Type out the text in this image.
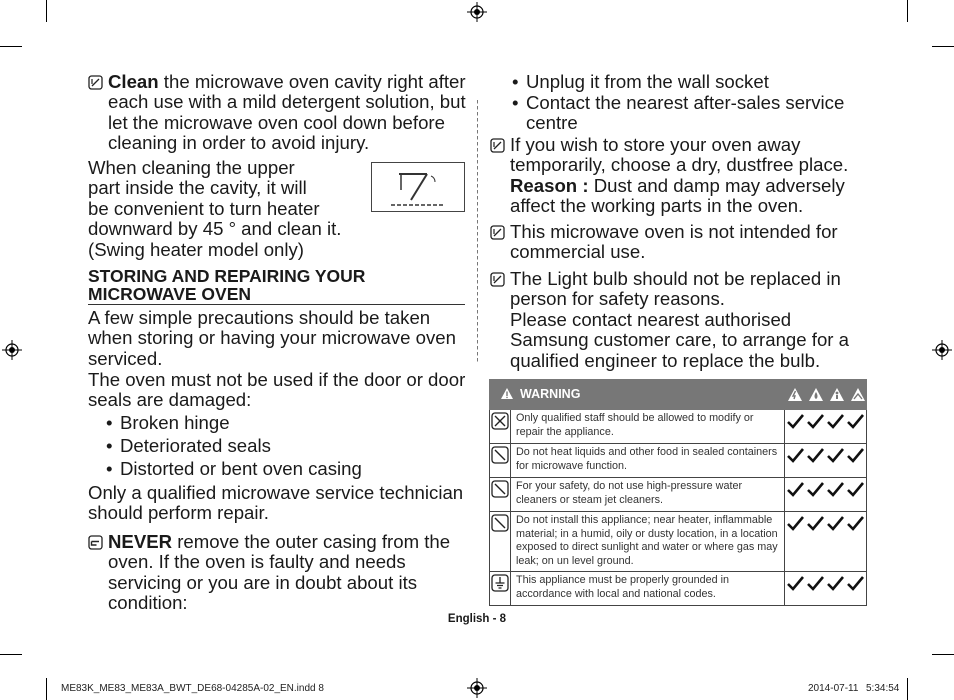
Clean the microwave oven cavity right after each use with a mild detergent solution, but let the microwave oven cool down before cleaning in order to avoid injury.
When cleaning the upper
part inside the cavity, it will
be convenient to turn heater
downward by 45 ° and clean it.
(Swing heater model only)
STORING AND REPAIRING YOUR
MICROWAVE OVEN
A few simple precautions should be taken when storing or having your microwave oven serviced.
The oven must not be used if the door or door seals are damaged:
• Broken hinge
• Deteriorated seals
• Distorted or bent oven casing
Only a qualified microwave service technician should perform repair.
NEVER remove the outer casing from the oven. If the oven is faulty and needs servicing or you are in doubt about its condition:
• Unplug it from the wall socket
• Contact the nearest after-sales service centre
If you wish to store your oven away temporarily, choose a dry, dustfree place.
Reason : Dust and damp may adversely affect the working parts in the oven.
This microwave oven is not intended for commercial use.
The Light bulb should not be replaced in person for safety reasons.
Please contact nearest authorised Samsung customer care, to arrange for a qualified engineer to replace the bulb.
WARNING	

	Only qualified staff should be allowed to modify or repair the appliance.	

	Do not heat liquids and other food in sealed containers for microwave function.	

	For your safety, do not use high-pressure water cleaners or steam jet cleaners.	

	Do not install this appliance; near heater, inflammable material; in a humid, oily or dusty location, in a location exposed to direct sunlight and water or where gas may leak; on un level ground.	

	This appliance must be properly grounded in accordance with local and national codes.	
English - 8
ME83K_ME83_ME83A_BWT_DE68-04285A-02_EN.indd 8	2014-07-11 5:34:54
